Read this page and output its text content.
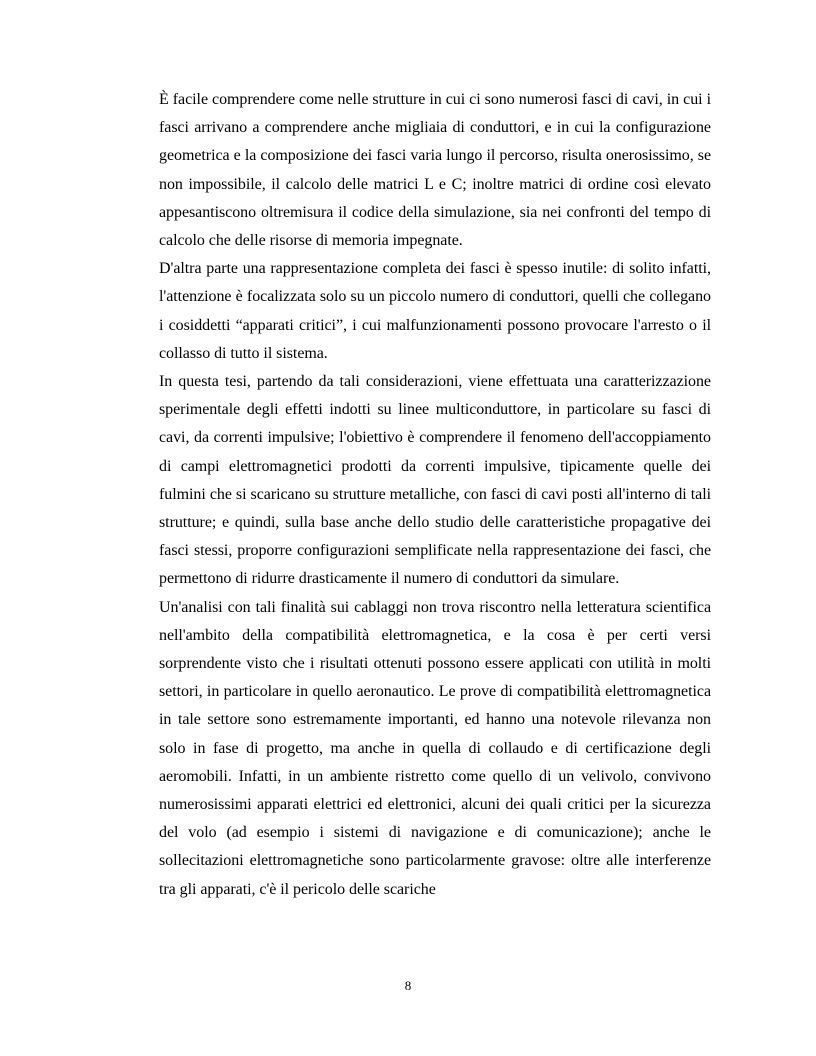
È facile comprendere come nelle strutture in cui ci sono numerosi fasci di cavi, in cui i fasci arrivano a comprendere anche migliaia di conduttori, e in cui la configurazione geometrica e la composizione dei fasci varia lungo il percorso, risulta onerosissimo, se non impossibile, il calcolo delle matrici L e C; inoltre matrici di ordine così elevato appesantiscono oltremisura il codice della simulazione, sia nei confronti del tempo di calcolo che delle risorse di memoria impegnate.

D'altra parte una rappresentazione completa dei fasci è spesso inutile: di solito infatti, l'attenzione è focalizzata solo su un piccolo numero di conduttori, quelli che collegano i cosiddetti “apparati critici”, i cui malfunzionamenti possono provocare l'arresto o il collasso di tutto il sistema.

In questa tesi, partendo da tali considerazioni, viene effettuata una caratterizzazione sperimentale degli effetti indotti su linee multiconduttore, in particolare su fasci di cavi, da correnti impulsive; l'obiettivo è comprendere il fenomeno dell'accoppiamento di campi elettromagnetici prodotti da correnti impulsive, tipicamente quelle dei fulmini che si scaricano su strutture metalliche, con fasci di cavi posti all'interno di tali strutture; e quindi, sulla base anche dello studio delle caratteristiche propagative dei fasci stessi, proporre configurazioni semplificate nella rappresentazione dei fasci, che permettono di ridurre drasticamente il numero di conduttori da simulare.

Un'analisi con tali finalità sui cablaggi non trova riscontro nella letteratura scientifica nell'ambito della compatibilità elettromagnetica, e la cosa è per certi versi sorprendente visto che i risultati ottenuti possono essere applicati con utilità in molti settori, in particolare in quello aeronautico. Le prove di compatibilità elettromagnetica in tale settore sono estremamente importanti, ed hanno una notevole rilevanza non solo in fase di progetto, ma anche in quella di collaudo e di certificazione degli aeromobili. Infatti, in un ambiente ristretto come quello di un velivolo, convivono numerosissimi apparati elettrici ed elettronici, alcuni dei quali critici per la sicurezza del volo (ad esempio i sistemi di navigazione e di comunicazione); anche le sollecitazioni elettromagnetiche sono particolarmente gravose: oltre alle interferenze tra gli apparati, c'è il pericolo delle scariche

8
